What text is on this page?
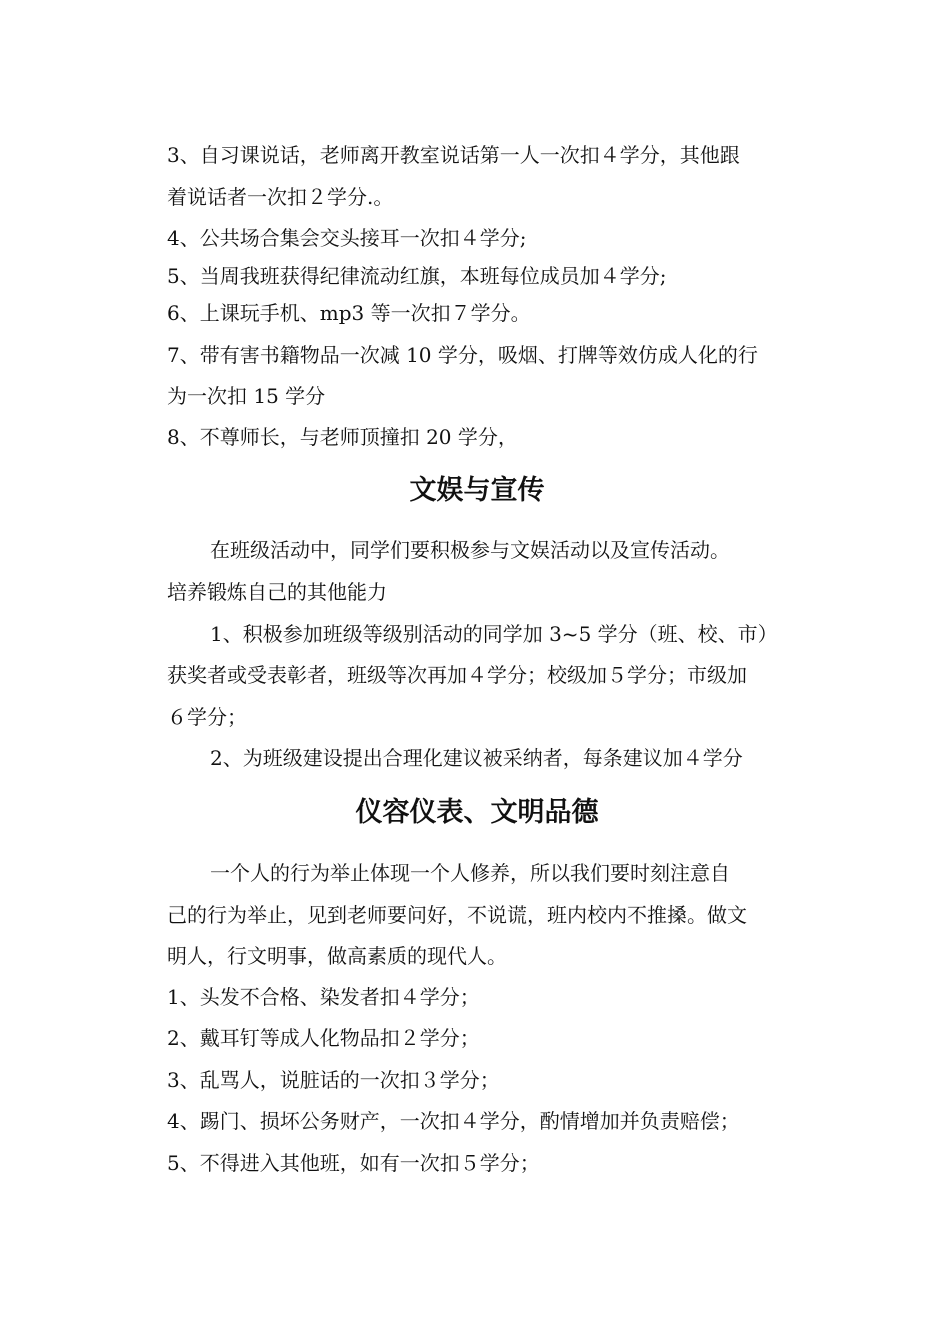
3、自习课说话，老师离开教室说话第一人一次扣４学分，其他跟
着说话者一次扣２学分.。
4、公共场合集会交头接耳一次扣４学分;
5、当周我班获得纪律流动红旗，本班每位成员加４学分;
6、上课玩手机、mp3 等一次扣７学分。
7、带有害书籍物品一次减 10 学分，吸烟、打牌等效仿成人化的行
为一次扣 15 学分
8、不尊师长，与老师顶撞扣 20 学分，
文娱与宣传
在班级活动中，同学们要积极参与文娱活动以及宣传活动。
培养锻炼自己的其他能力
1、积极参加班级等级别活动的同学加 3~5 学分（班、校、市）
获奖者或受表彰者，班级等次再加４学分；校级加５学分；市级加
６学分；
2、为班级建设提出合理化建议被采纳者，每条建议加４学分
仪容仪表、文明品德
一个人的行为举止体现一个人修养，所以我们要时刻注意自
己的行为举止，见到老师要问好，不说谎，班内校内不推搡。做文
明人，行文明事，做高素质的现代人。
1、头发不合格、染发者扣４学分；
2、戴耳钉等成人化物品扣２学分；
3、乱骂人，说脏话的一次扣３学分；
4、踢门、损坏公务财产，一次扣４学分，酌情增加并负责赔偿；
5、不得进入其他班，如有一次扣５学分；
